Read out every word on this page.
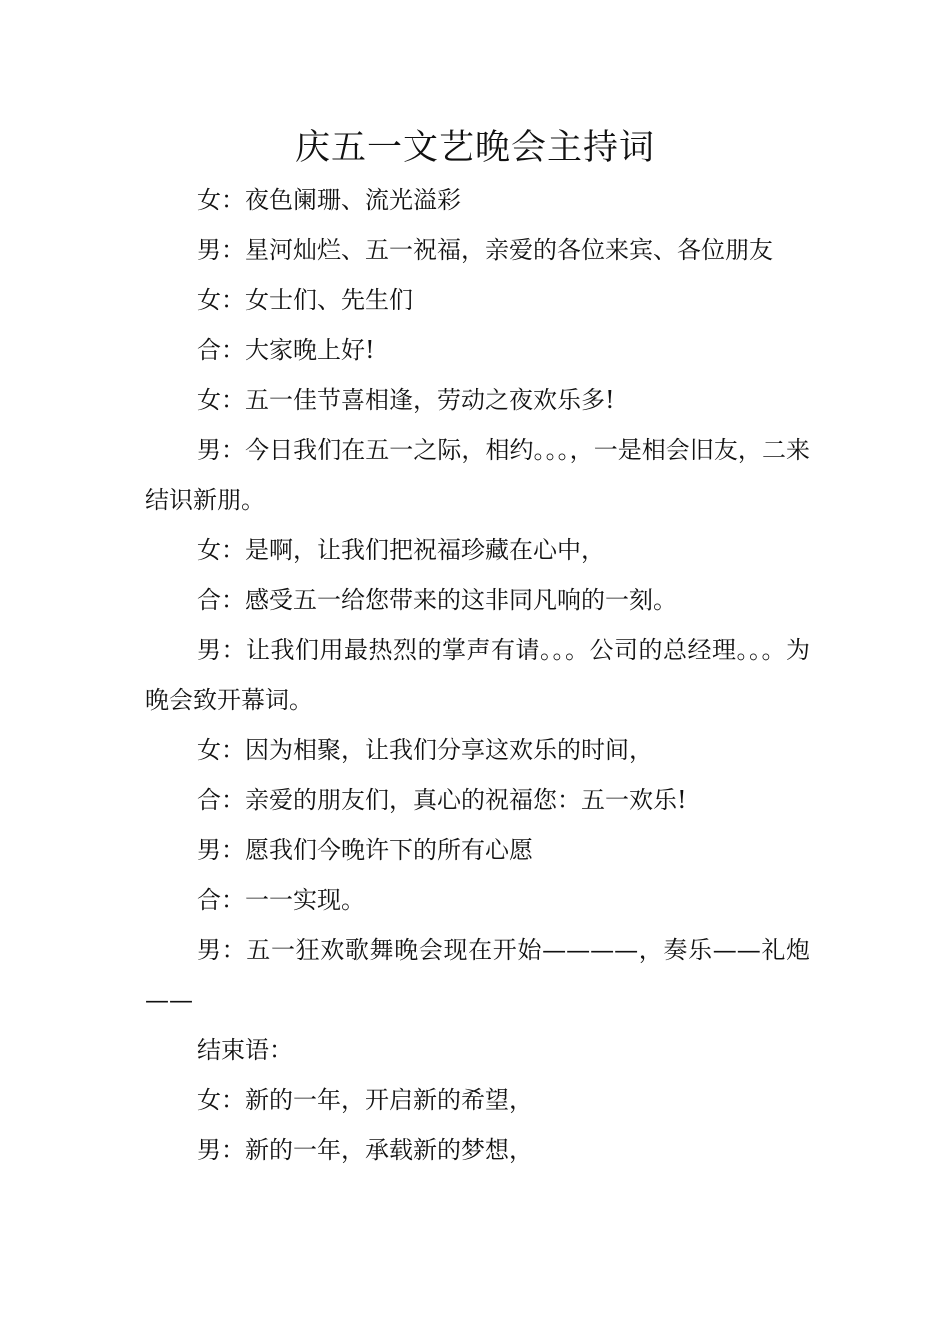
庆五一文艺晚会主持词

女：夜色阑珊、流光溢彩

男：星河灿烂、五一祝福，亲爱的各位来宾、各位朋友

女：女士们、先生们

合：大家晚上好!

女：五一佳节喜相逢，劳动之夜欢乐多!

男：今日我们在五一之际，相约。。。，一是相会旧友，二来结识新朋。

女：是啊，让我们把祝福珍藏在心中，

合：感受五一给您带来的这非同凡响的一刻。

男：让我们用最热烈的掌声有请。。。公司的总经理。。。为晚会致开幕词。

女：因为相聚，让我们分享这欢乐的时间，

合：亲爱的朋友们，真心的祝福您：五一欢乐!

男：愿我们今晚许下的所有心愿

合：一一实现。

男：五一狂欢歌舞晚会现在开始————，奏乐——礼炮——

结束语：

女：新的一年，开启新的希望，

男：新的一年，承载新的梦想，
